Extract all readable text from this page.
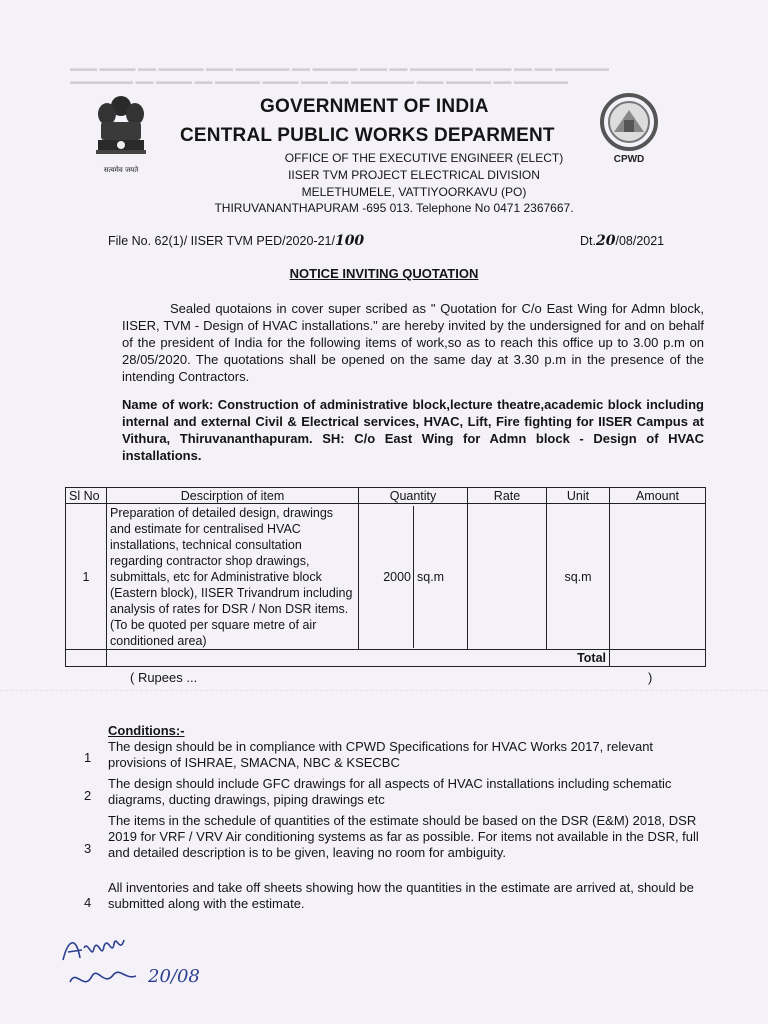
▬▬▬ ▬▬▬▬ ▬▬ ▬▬▬▬▬ ▬▬▬ ▬▬▬▬▬▬ ▬▬ ▬▬▬▬▬ ▬▬▬ ▬▬ ▬▬▬▬▬▬▬ ▬▬▬▬ ▬▬ ▬▬ ▬▬▬▬▬▬
▬▬▬▬▬▬▬ ▬▬ ▬▬▬▬ ▬▬ ▬▬▬▬▬ ▬▬▬▬ ▬▬▬ ▬▬ ▬▬▬▬▬▬▬ ▬▬▬ ▬▬▬▬▬ ▬▬ ▬▬▬▬▬▬
सत्यमेव जयते
CPWD
GOVERNMENT OF INDIA
CENTRAL PUBLIC WORKS DEPARMENT
OFFICE OF THE EXECUTIVE ENGINEER (ELECT)
IISER TVM PROJECT ELECTRICAL DIVISION
MELETHUMELE, VATTIYOORKAVU (PO)
THIRUVANANTHAPURAM -695 013. Telephone No 0471 2367667.
File No. 62(1)/ IISER TVM PED/2020-21/100	Dt.20/08/2021
NOTICE INVITING QUOTATION
Sealed quotaions in cover super scribed as " Quotation for C/o East Wing for Admn block, IISER, TVM - Design of HVAC installations." are hereby invited by the undersigned for and on behalf of the president of India for the following items of work,so as to reach this office up to 3.00 p.m on 28/05/2020. The quotations shall be opened on the same day at 3.30 p.m in the presence of the intending Contractors.
Name of work: Construction of administrative block,lecture theatre,academic block including internal and external Civil & Electrical services, HVAC, Lift, Fire fighting for IISER Campus at Vithura, Thiruvananthapuram. SH: C/o East Wing for Admn block - Design of HVAC installations.
Sl No	Descirption of item	Quantity	Rate	Unit	Amount
1	Preparation of detailed design, drawings and estimate for centralised HVAC installations, technical consultation regarding contractor shop drawings, submittals, etc for Administrative block (Eastern block), IISER Trivandrum including analysis of rates for DSR / Non DSR items. (To be quoted per square metre of air conditioned area)	2000 sq.m		sq.m	
	Total				
( Rupees ...	)
Conditions:-
1
The design should be in compliance with CPWD Specifications for HVAC Works 2017, relevant provisions of ISHRAE, SMACNA, NBC & KSECBC
2
The design should include GFC drawings for all aspects of HVAC installations including schematic diagrams, ducting drawings, piping drawings etc
3
The items in the schedule of quantities of the estimate should be based on the DSR (E&M) 2018, DSR 2019 for VRF / VRV Air conditioning systems as far as possible. For items not available in the DSR, full and detailed description is to be given, leaving no room for ambiguity.
4
All inventories and take off sheets showing how the quantities in the estimate are arrived at, should be submitted along with the estimate.
20/08
